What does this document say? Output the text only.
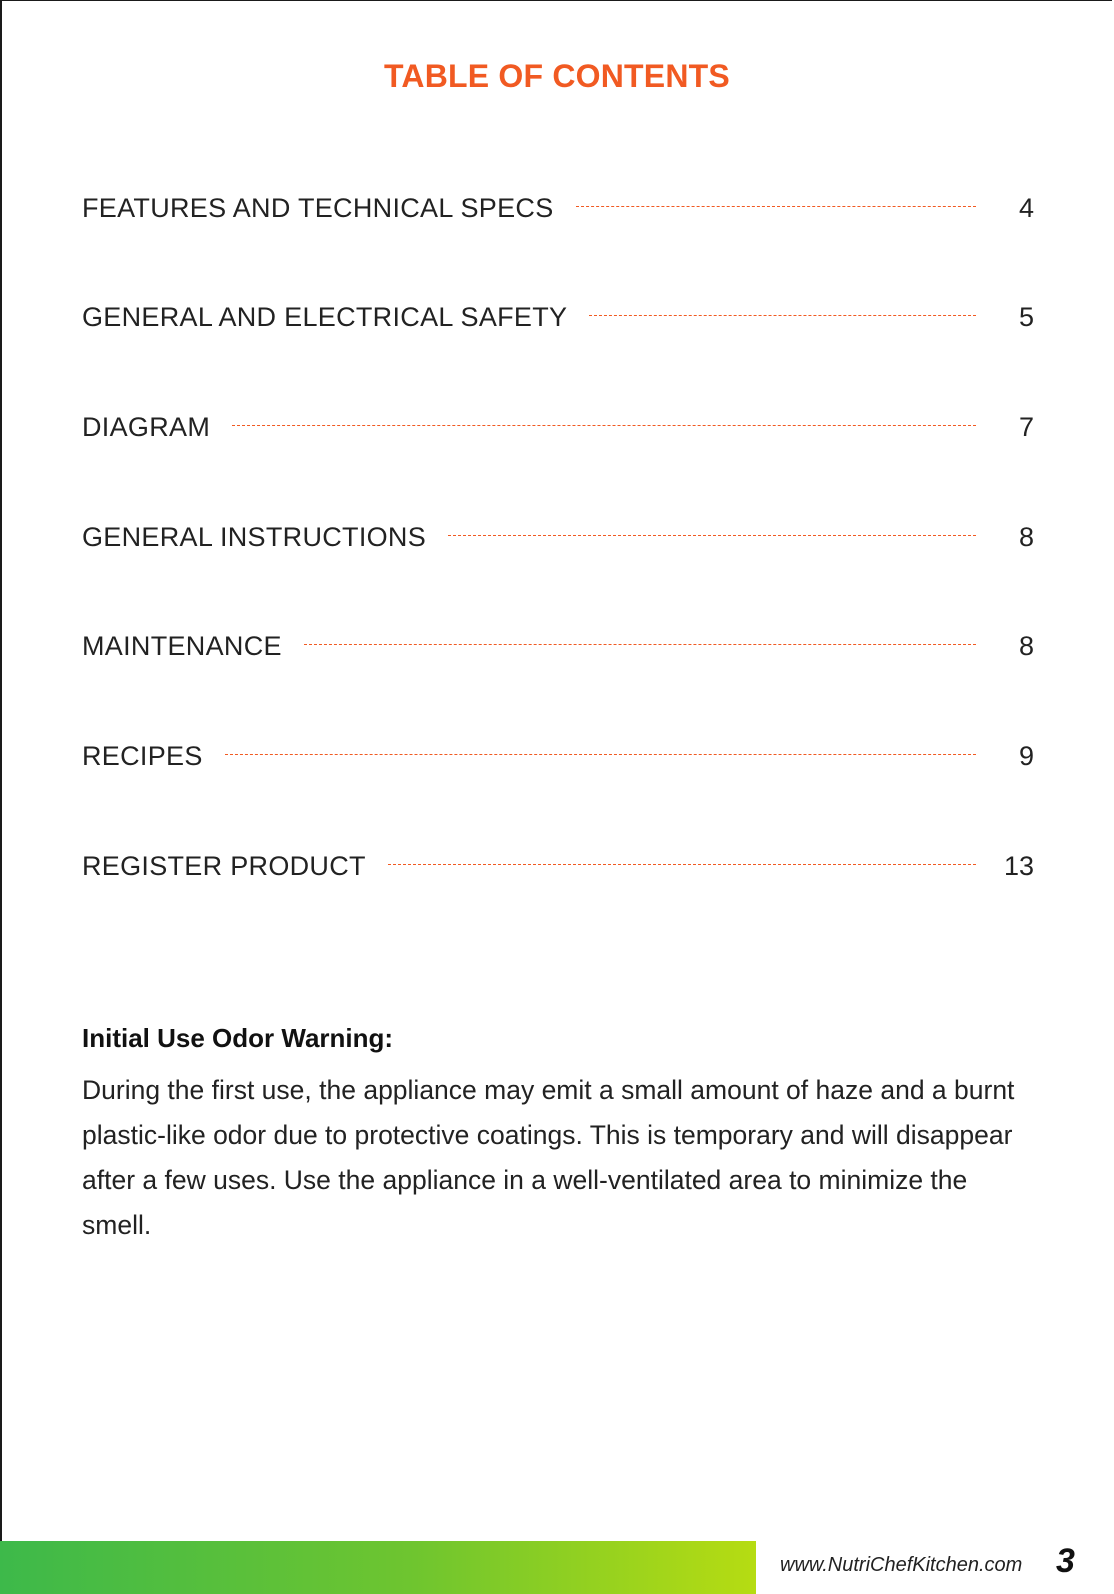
TABLE OF CONTENTS
FEATURES AND TECHNICAL SPECS	4
GENERAL AND ELECTRICAL SAFETY	5
DIAGRAM	7
GENERAL INSTRUCTIONS	8
MAINTENANCE	8
RECIPES	9
REGISTER PRODUCT	13
Initial Use Odor Warning:

During the first use, the appliance may emit a small amount of haze and a burnt plastic-like odor due to protective coatings. This is temporary and will disappear after a few uses. Use the appliance in a well-ventilated area to minimize the smell.

www.NutriChefKitchen.com 3
